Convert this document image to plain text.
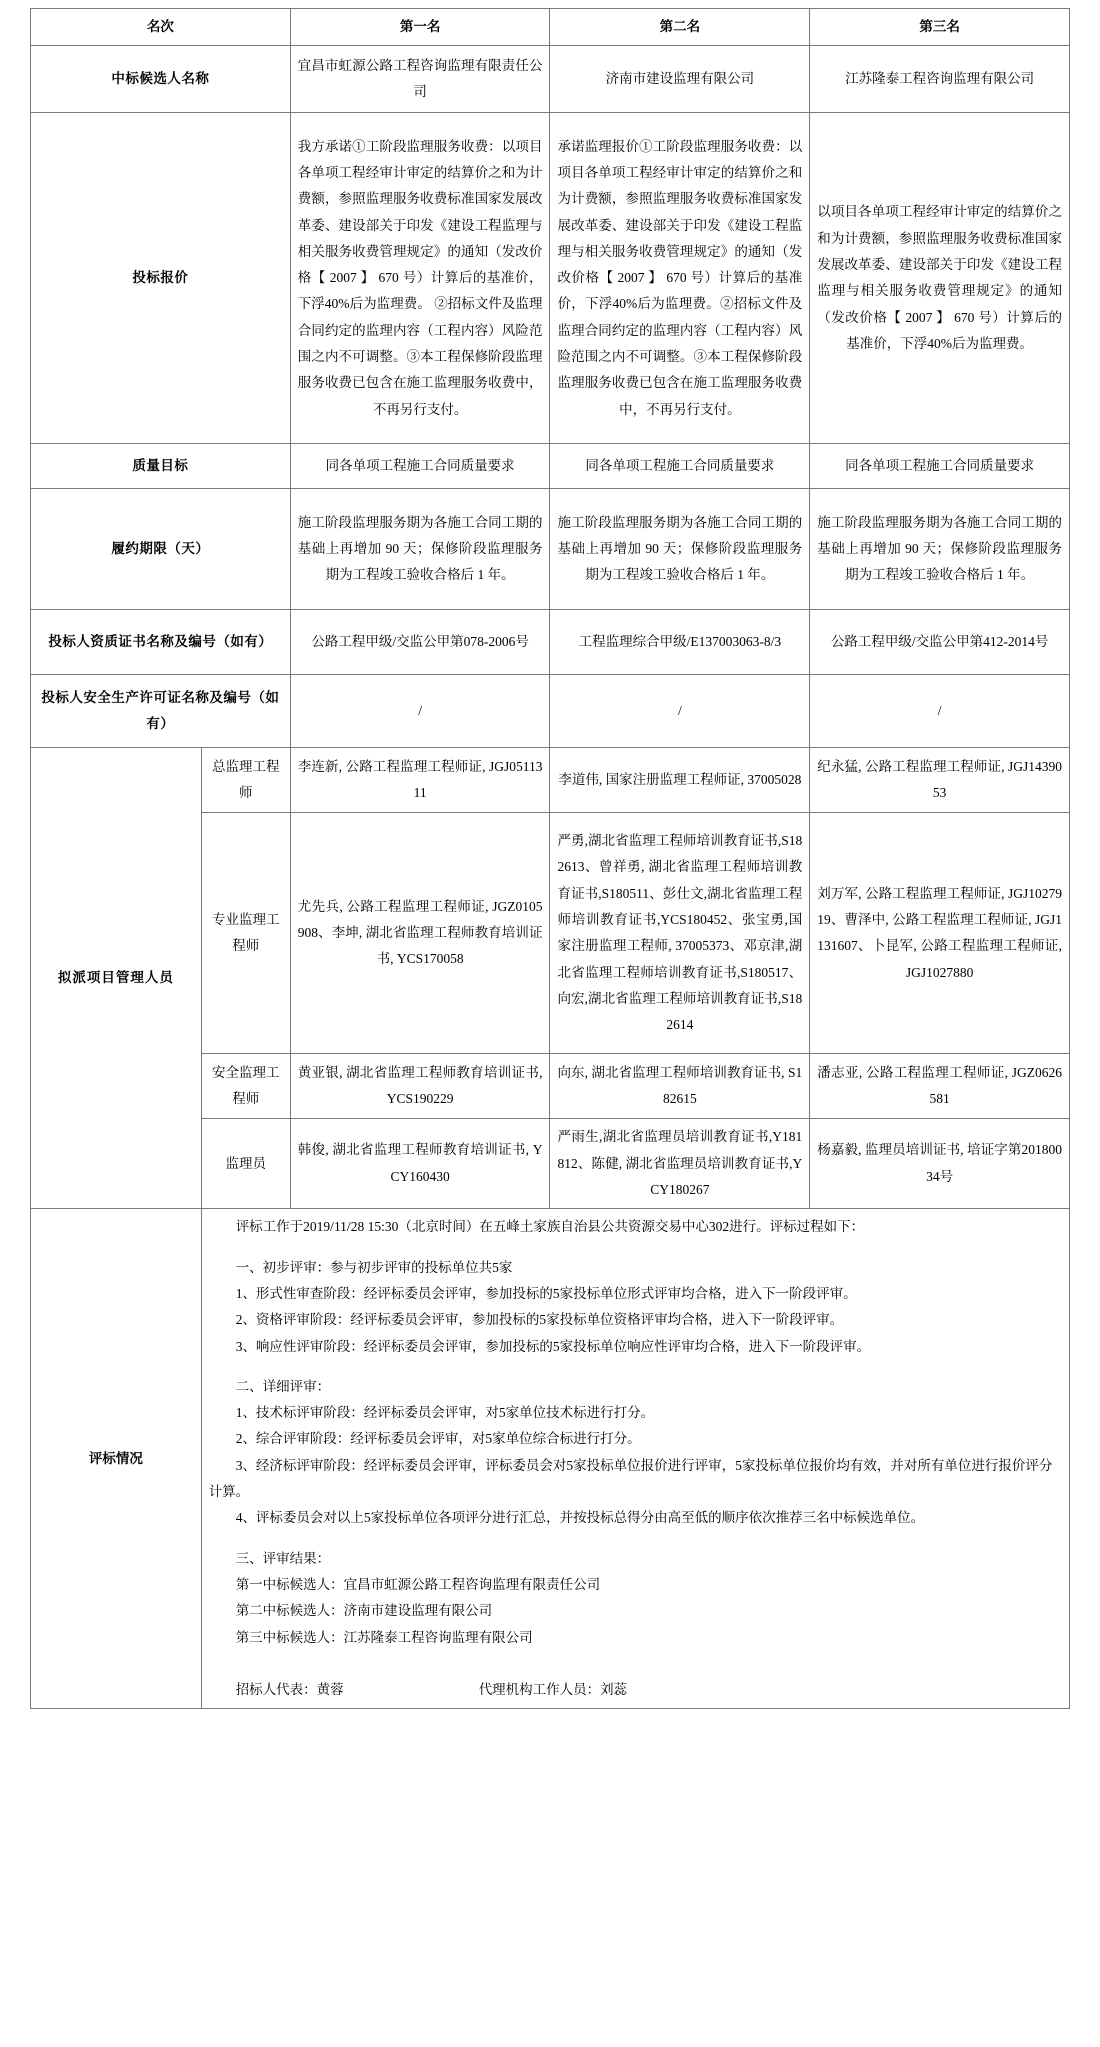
名次		第一名	第二名	第三名
中标候选人名称		宜昌市虹源公路工程咨询监理有限责任公司	济南市建设监理有限公司	江苏隆泰工程咨询监理有限公司
投标报价		我方承诺①工阶段监理服务收费：以项目各单项工程经审计审定的结算价之和为计费额，参照监理服务收费标准国家发展改革委、建设部关于印发《建设工程监理与相关服务收费管理规定》的通知（发改价格【 2007 】 670 号）计算后的基准价，下浮40%后为监理费。 ②招标文件及监理合同约定的监理内容（工程内容）风险范围之内不可调整。③本工程保修阶段监理服务收费已包含在施工监理服务收费中，不再另行支付。	承诺监理报价①工阶段监理服务收费：以项目各单项工程经审计审定的结算价之和为计费额，参照监理服务收费标准国家发展改革委、建设部关于印发《建设工程监理与相关服务收费管理规定》的通知（发改价格【 2007 】 670 号）计算后的基准价，下浮40%后为监理费。②招标文件及监理合同约定的监理内容（工程内容）风险范围之内不可调整。③本工程保修阶段监理服务收费已包含在施工监理服务收费中，不再另行支付。	以项目各单项工程经审计审定的结算价之和为计费额，参照监理服务收费标准国家发展改革委、建设部关于印发《建设工程监理与相关服务收费管理规定》的通知（发改价格【 2007 】 670 号）计算后的基准价，下浮40%后为监理费。
质量目标		同各单项工程施工合同质量要求	同各单项工程施工合同质量要求	同各单项工程施工合同质量要求
履约期限（天）		施工阶段监理服务期为各施工合同工期的基础上再增加 90 天；保修阶段监理服务期为工程竣工验收合格后 1 年。	施工阶段监理服务期为各施工合同工期的基础上再增加 90 天；保修阶段监理服务期为工程竣工验收合格后 1 年。	施工阶段监理服务期为各施工合同工期的基础上再增加 90 天；保修阶段监理服务期为工程竣工验收合格后 1 年。
投标人资质证书名称及编号（如有）		公路工程甲级/交监公甲第078-2006号	工程监理综合甲级/E137003063-8/3	公路工程甲级/交监公甲第412-2014号
投标人安全生产许可证名称及编号（如有）		/	/	/
拟派项目管理人员	总监理工程师	李连新, 公路工程监理工程师证, JGJ0511311	李道伟, 国家注册监理工程师证, 37005028	纪永猛, 公路工程监理工程师证, JGJ1439053
	专业监理工程师	尤先兵, 公路工程监理工程师证, JGZ0105908、李坤, 湖北省监理工程师教育培训证书, YCS170058	严勇,湖北省监理工程师培训教育证书,S182613、曾祥勇, 湖北省监理工程师培训教育证书,S180511、彭仕文,湖北省监理工程师培训教育证书,YCS180452、张宝勇,国家注册监理工程师, 37005373、邓京津,湖北省监理工程师培训教育证书,S180517、向宏,湖北省监理工程师培训教育证书,S182614	刘万军, 公路工程监理工程师证, JGJ1027919、曹泽中, 公路工程监理工程师证, JGJ1131607、卜昆军, 公路工程监理工程师证, JGJ1027880
	安全监理工程师	黄亚银, 湖北省监理工程师教育培训证书, YCS190229	向东, 湖北省监理工程师培训教育证书, S182615	潘志亚, 公路工程监理工程师证, JGZ0626581
	监理员	韩俊, 湖北省监理工程师教育培训证书, YCY160430	严雨生,湖北省监理员培训教育证书,Y181812、陈健, 湖北省监理员培训教育证书,YCY180267	杨嘉毅, 监理员培训证书, 培证字第20180034号
评标情况	

评标工作于2019/11/28 15:30（北京时间）在五峰土家族自治县公共资源交易中心302进行。评标过程如下：

一、初步评审：参与初步评审的投标单位共5家

1、形式性审查阶段：经评标委员会评审，参加投标的5家投标单位形式评审均合格，进入下一阶段评审。

2、资格评审阶段：经评标委员会评审，参加投标的5家投标单位资格评审均合格，进入下一阶段评审。

3、响应性评审阶段：经评标委员会评审，参加投标的5家投标单位响应性评审均合格，进入下一阶段评审。

二、详细评审：

1、技术标评审阶段：经评标委员会评审，对5家单位技术标进行打分。

2、综合评审阶段：经评标委员会评审，对5家单位综合标进行打分。

3、经济标评审阶段：经评标委员会评审，评标委员会对5家投标单位报价进行评审，5家投标单位报价均有效，并对所有单位进行报价评分计算。

4、评标委员会对以上5家投标单位各项评分进行汇总，并按投标总得分由高至低的顺序依次推荐三名中标候选单位。

三、评审结果：

第一中标候选人：宜昌市虹源公路工程咨询监理有限责任公司

第二中标候选人：济南市建设监理有限公司

第三中标候选人：江苏隆泰工程咨询监理有限公司

招标人代表：黄蓉	代理机构工作人员：刘蕊
